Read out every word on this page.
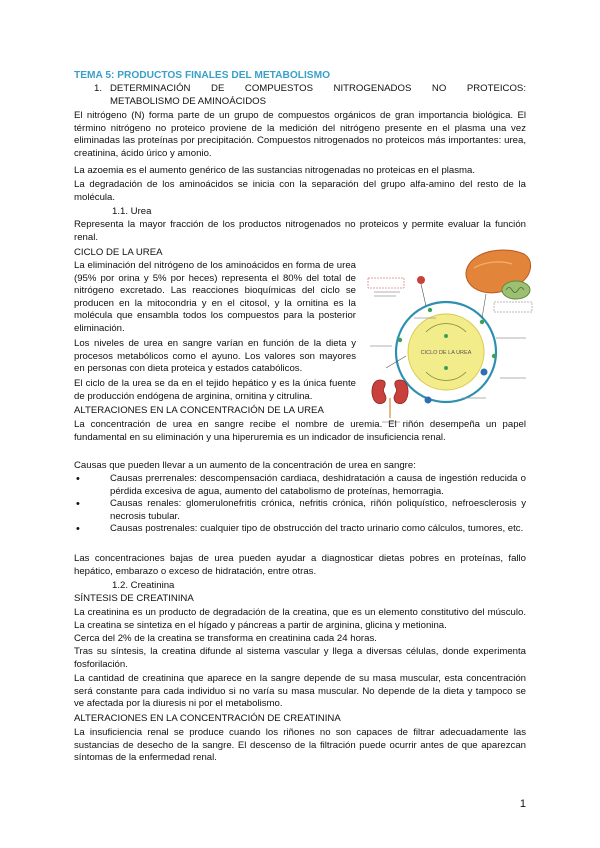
TEMA 5: PRODUCTOS FINALES DEL METABOLISMO
1. DETERMINACIÓN DE COMPUESTOS NITROGENADOS NO PROTEICOS:
METABOLISMO DE AMINOÁCIDOS
El nitrógeno (N) forma parte de un grupo de compuestos orgánicos de gran importancia biológica. El término nitrógeno no proteico proviene de la medición del nitrógeno presente en el plasma una vez eliminadas las proteínas por precipitación. Compuestos nitrogenados no proteicos más importantes: urea, creatinina, ácido úrico y amonio.
La azoemia es el aumento genérico de las sustancias nitrogenadas no proteicas en el plasma.
La degradación de los aminoácidos se inicia con la separación del grupo alfa-amino del resto de la molécula.
1.1. Urea
Representa la mayor fracción de los productos nitrogenados no proteicos y permite evaluar la función renal.
CICLO DE LA UREA
La eliminación del nitrógeno de los aminoácidos en forma de urea (95% por orina y 5% por heces) representa el 80% del total de nitrógeno excretado. Las reacciones bioquímicas del ciclo se producen en la mitocondria y en el citosol, y la ornitina es la molécula que ensambla todos los compuestos para la posterior eliminación.
Los niveles de urea en sangre varían en función de la dieta y procesos metabólicos como el ayuno. Los valores son mayores en personas con dieta proteica y estados catabólicos.
El ciclo de la urea se da en el tejido hepático y es la única fuente de producción endógena de arginina, ornitina y citrulina.
CICLO DE LA UREA
ALTERACIONES EN LA CONCENTRACIÓN DE LA UREA
La concentración de urea en sangre recibe el nombre de uremia. El riñón desempeña un papel fundamental en su eliminación y una hiperuremia es un indicador de insuficiencia renal.
Causas que pueden llevar a un aumento de la concentración de urea en sangre:
• Causas prerrenales: descompensación cardiaca, deshidratación a causa de ingestión reducida o pérdida excesiva de agua, aumento del catabolismo de proteínas, hemorragia.
• Causas renales: glomerulonefritis crónica, nefritis crónica, riñón poliquístico, nefroesclerosis y necrosis tubular.
• Causas postrenales: cualquier tipo de obstrucción del tracto urinario como cálculos, tumores, etc.
Las concentraciones bajas de urea pueden ayudar a diagnosticar dietas pobres en proteínas, fallo hepático, embarazo o exceso de hidratación, entre otras.
1.2. Creatinina
SÍNTESIS DE CREATININA
La creatinina es un producto de degradación de la creatina, que es un elemento constitutivo del músculo. La creatina se sintetiza en el hígado y páncreas a partir de arginina, glicina y metionina.
Cerca del 2% de la creatina se transforma en creatinina cada 24 horas.
Tras su síntesis, la creatina difunde al sistema vascular y llega a diversas células, donde experimenta fosforilación.
La cantidad de creatinina que aparece en la sangre depende de su masa muscular, esta concentración será constante para cada individuo si no varía su masa muscular. No depende de la dieta y tampoco se ve afectada por la diuresis ni por el metabolismo.
ALTERACIONES EN LA CONCENTRACIÓN DE CREATININA
La insuficiencia renal se produce cuando los riñones no son capaces de filtrar adecuadamente las sustancias de desecho de la sangre. El descenso de la filtración puede ocurrir antes de que aparezcan síntomas de la enfermedad renal.
1
